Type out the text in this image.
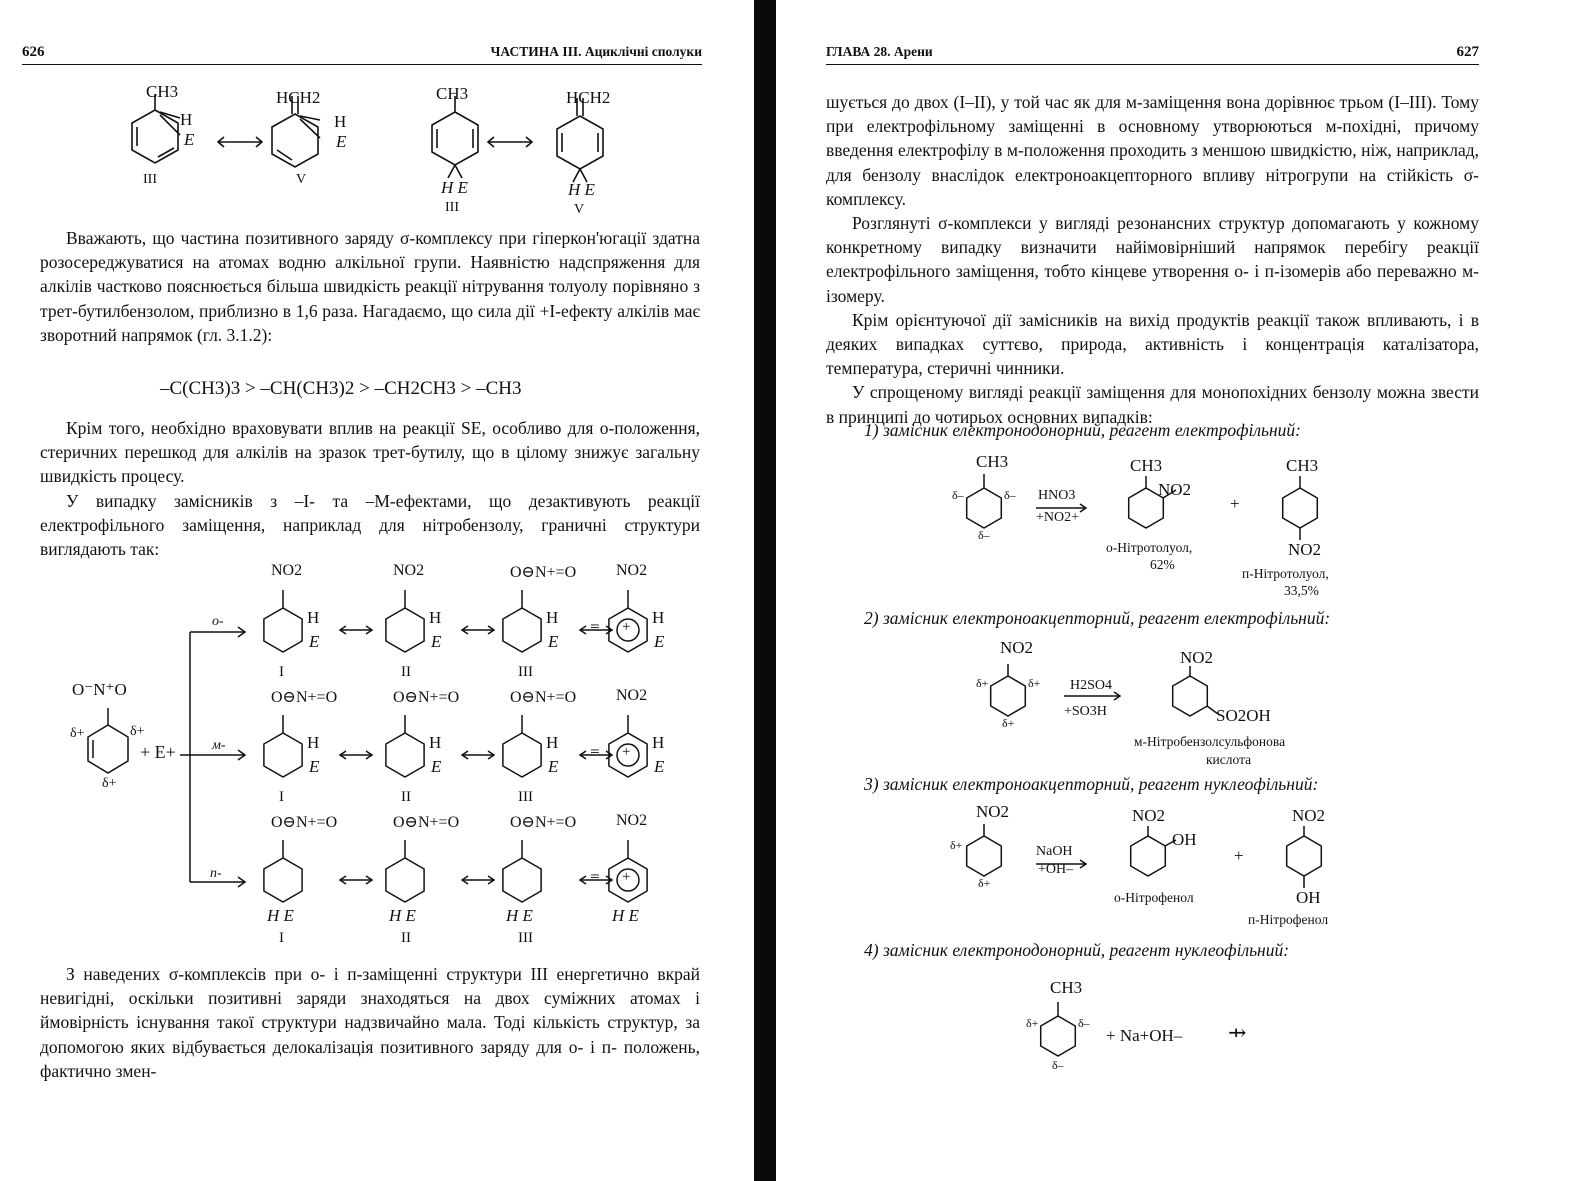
626	ЧАСТИНА III. Ациклічні сполуки
CH3
H
E
HCH2
H
E
CH3
H E
HCH2
H E
III	V
III	V

Вважають, що частина позитивного заряду σ-комплексу при гіперкон'югації здатна розосереджуватися на атомах водню алкільної групи. Наявністю надспряження для алкілів частково пояснюється більша швидкість реакції нітрування толуолу порівняно з трет-бутилбензолом, приблизно в 1,6 раза. Нагадаємо, що сила дії +I-ефекту алкілів має зворотний напрямок (гл. 3.1.2):

–C(CH3)3 > –CH(CH3)2 > –CH2CH3 > –CH3

Крім того, необхідно враховувати вплив на реакції SE, особливо для о-положення, стеричних перешкод для алкілів на зразок трет-бутилу, що в цілому знижує загальну швидкість процесу.

У випадку замісників з –I- та –M-ефектами, що дезактивують реакції електрофільного заміщення, наприклад для нітробензолу, граничні структури виглядають так:

O⁻N⁺O
δ+	δ+
δ+
+ E+
о-
м-
п-
NO2
H
E
I
NO2
H
E
II
O⊖N+=O
H
E
III
NO2
H
E
+
≡
O⊖N+=O
H
E
I
O⊖N+=O
H
E
II
O⊖N+=O
H
E
III
NO2
H
E
+
≡
O⊖N+=O
H E
I
O⊖N+=O
H E
II
O⊖N+=O
H E
III
NO2
H E
+
≡

З наведених σ-комплексів при о- і п-заміщенні структури III енергетично вкрай невигідні, оскільки позитивні заряди знаходяться на двох суміжних атомах і ймовірність існування такої структури надзвичайно мала. Тоді кількість структур, за допомогою яких відбувається делокалізація позитивного заряду для о- і п- положень, фактично змен-

ГЛАВА 28. Арени	627

шується до двох (I–II), у той час як для м-заміщення вона дорівнює трьом (I–III). Тому при електрофільному заміщенні в основному утворюються м-похідні, причому введення електрофілу в м-положення проходить з меншою швидкістю, ніж, наприклад, для бензолу внаслідок електроноакцепторного впливу нітрогрупи на стійкість σ-комплексу.

Розглянуті σ-комплекси у вигляді резонансних структур допомагають у кожному конкретному випадку визначити найімовірніший напрямок перебігу реакції електрофільного заміщення, тобто кінцеве утворення о- і п-ізомерів або переважно м-ізомеру.

Крім орієнтуючої дії замісників на вихід продуктів реакції також впливають, і в деяких випадках суттєво, природа, активність і концентрація каталізатора, температура, стеричні чинники.

У спрощеному вигляді реакції заміщення для монопохідних бензолу можна звести в принципі до чотирьох основних випадків:

1) замісник електронодонорний, реагент електрофільний:
2) замісник електроноакцепторний, реагент електрофільний:
3) замісник електроноакцепторний, реагент нуклеофільний:
4) замісник електронодонорний, реагент нуклеофільний:
CH3
HNO3
+NO2+
CH3
NO2
о-Нітротолуол,
62%
+
CH3
NO2
п-Нітротолуол,
33,5%
NO2
H2SO4
+SO3H
NO2
SO2OH
м-Нітробензолсульфонова
кислота
NO2
NaOH
+OH–
NO2
OH
о-Нітрофенол
+
NO2
OH
п-Нітрофенол
CH3
+ Na+OH– ⇸
δ–	δ–
δ–
δ+	δ+
δ+
δ+
δ+
δ+	δ–
δ–
